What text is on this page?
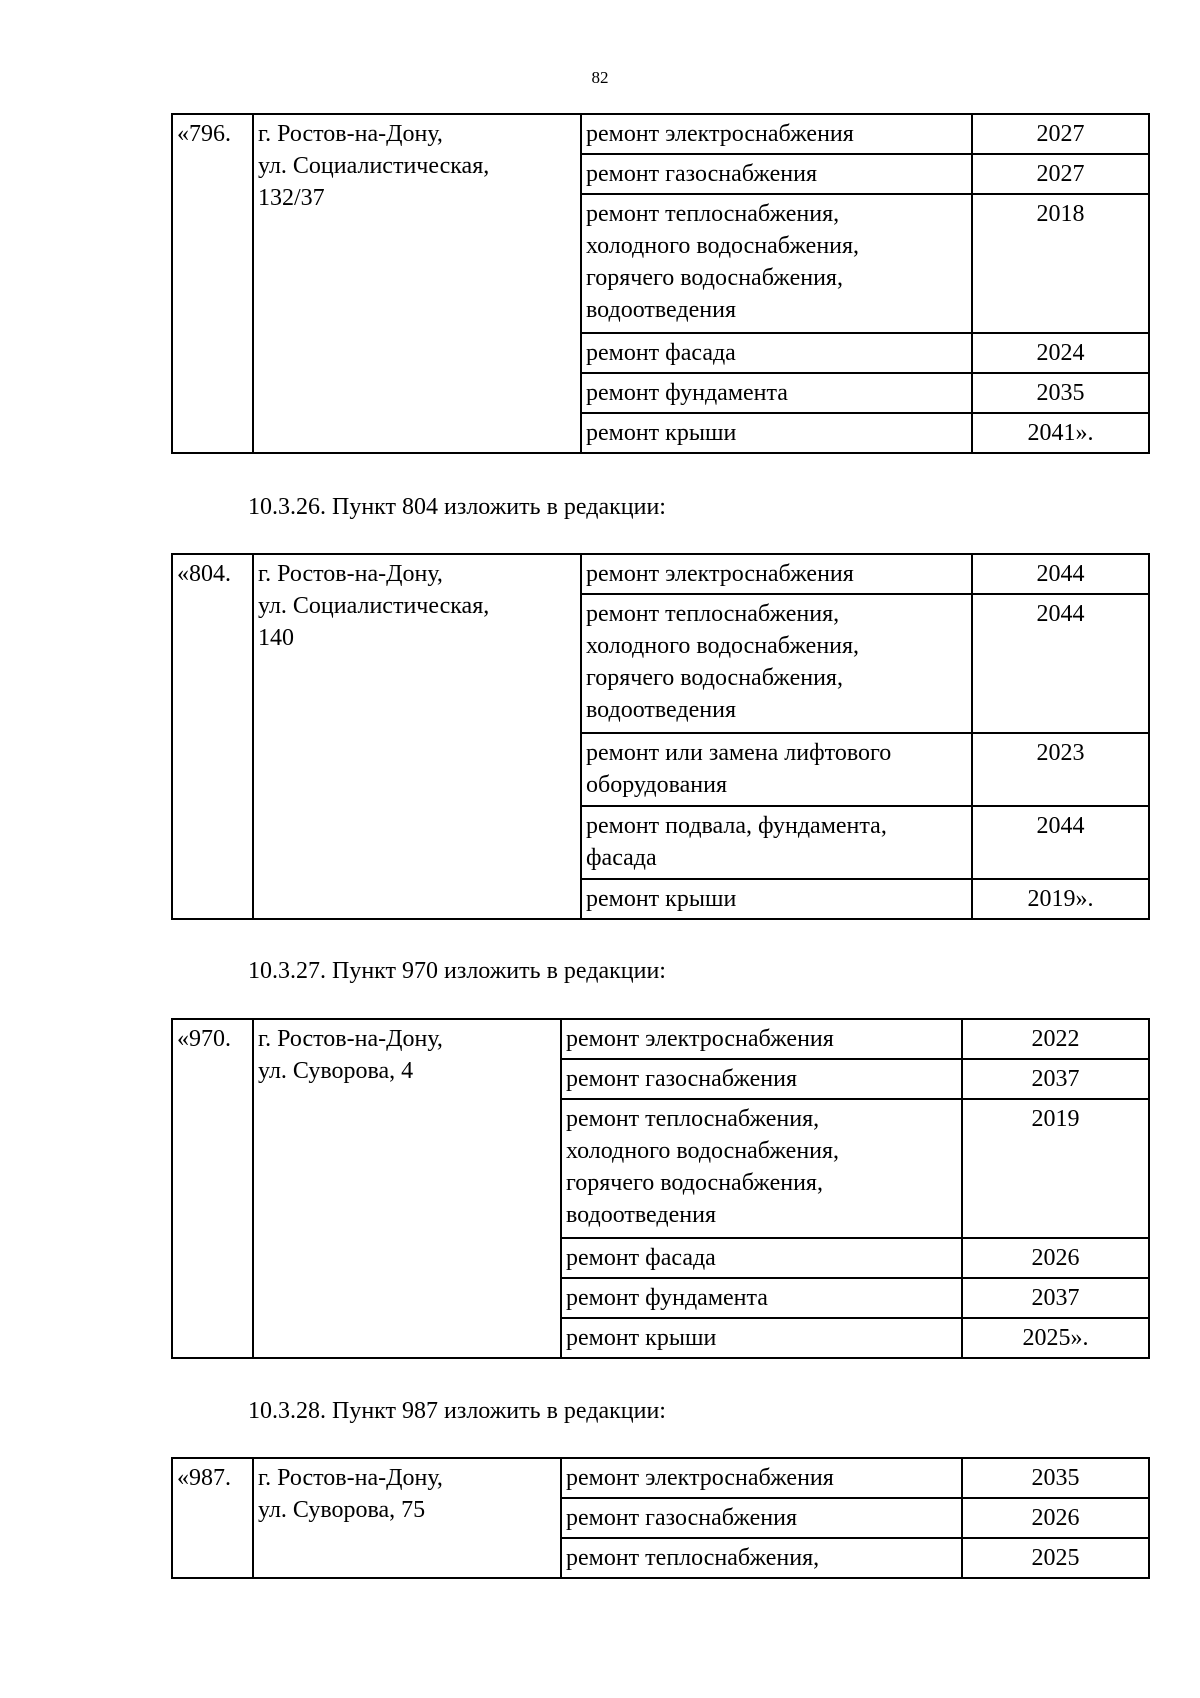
82
«796.	г. Ростов-на-Дону,
ул. Социалистическая,
132/37	ремонт электроснабжения	2027
		ремонт газоснабжения	2027
		ремонт теплоснабжения,
холодного водоснабжения,
горячего водоснабжения,
водоотведения	2018
		ремонт фасада	2024
		ремонт фундамента	2035
		ремонт крыши	2041».
10.3.26. Пункт 804 изложить в редакции:
«804.	г. Ростов-на-Дону,
ул. Социалистическая,
140	ремонт электроснабжения	2044
		ремонт теплоснабжения,
холодного водоснабжения,
горячего водоснабжения,
водоотведения	2044
		ремонт или замена лифтового
оборудования	2023
		ремонт подвала, фундамента,
фасада	2044
		ремонт крыши	2019».
10.3.27. Пункт 970 изложить в редакции:
«970.	г. Ростов-на-Дону,
ул. Суворова, 4	ремонт электроснабжения	2022
		ремонт газоснабжения	2037
		ремонт теплоснабжения,
холодного водоснабжения,
горячего водоснабжения,
водоотведения	2019
		ремонт фасада	2026
		ремонт фундамента	2037
		ремонт крыши	2025».
10.3.28. Пункт 987 изложить в редакции:
«987.	г. Ростов-на-Дону,
ул. Суворова, 75	ремонт электроснабжения	2035
		ремонт газоснабжения	2026
		ремонт теплоснабжения,	2025
